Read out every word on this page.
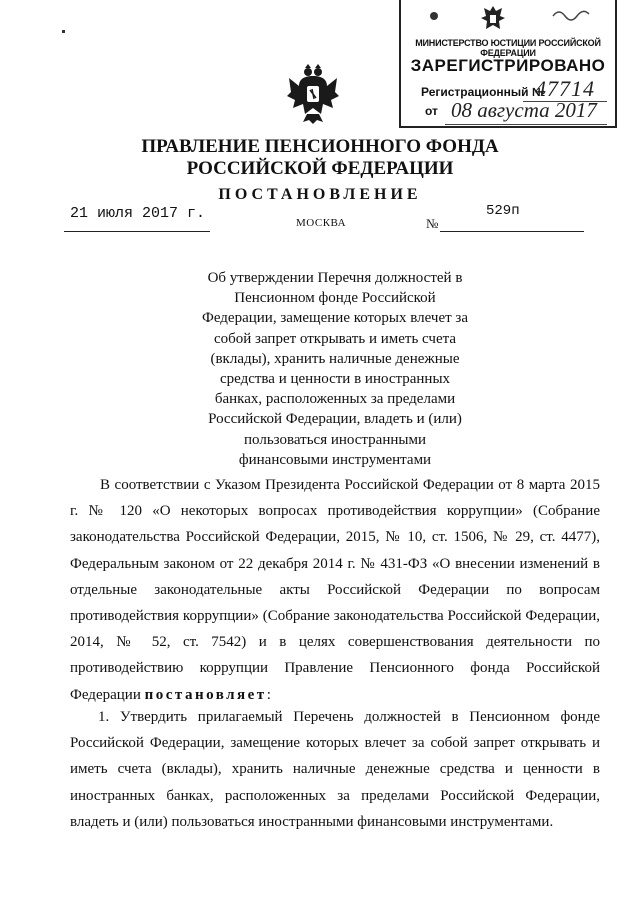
МИНИСТЕРСТВО ЮСТИЦИИ РОССИЙСКОЙ ФЕДЕРАЦИИ
ЗАРЕГИСТРИРОВАНО
Регистрационный №
47714
от 08 августа 2017
ПРАВЛЕНИЕ ПЕНСИОННОГО ФОНДА
РОССИЙСКОЙ ФЕДЕРАЦИИ
ПОСТАНОВЛЕНИЕ
21 июля 2017 г.
МОСКВА	№
529п
Об утверждении Перечня должностей в Пенсионном фонде Российской Федерации, замещение которых влечет за собой запрет открывать и иметь счета (вклады), хранить наличные денежные средства и ценности в иностранных банках, расположенных за пределами Российской Федерации, владеть и (или) пользоваться иностранными финансовыми инструментами
В соответствии с Указом Президента Российской Федерации от 8 марта 2015 г. № 120 «О некоторых вопросах противодействия коррупции» (Собрание законодательства Российской Федерации, 2015, № 10, ст. 1506, № 29, ст. 4477), Федеральным законом от 22 декабря 2014 г. № 431-ФЗ «О внесении изменений в отдельные законодательные акты Российской Федерации по вопросам противодействия коррупции» (Собрание законодательства Российской Федерации, 2014, № 52, ст. 7542) и в целях совершенствования деятельности по противодействию коррупции Правление Пенсионного фонда Российской Федерации постановляет:
1. Утвердить прилагаемый Перечень должностей в Пенсионном фонде Российской Федерации, замещение которых влечет за собой запрет открывать и иметь счета (вклады), хранить наличные денежные средства и ценности в иностранных банках, расположенных за пределами Российской Федерации, владеть и (или) пользоваться иностранными финансовыми инструментами.
